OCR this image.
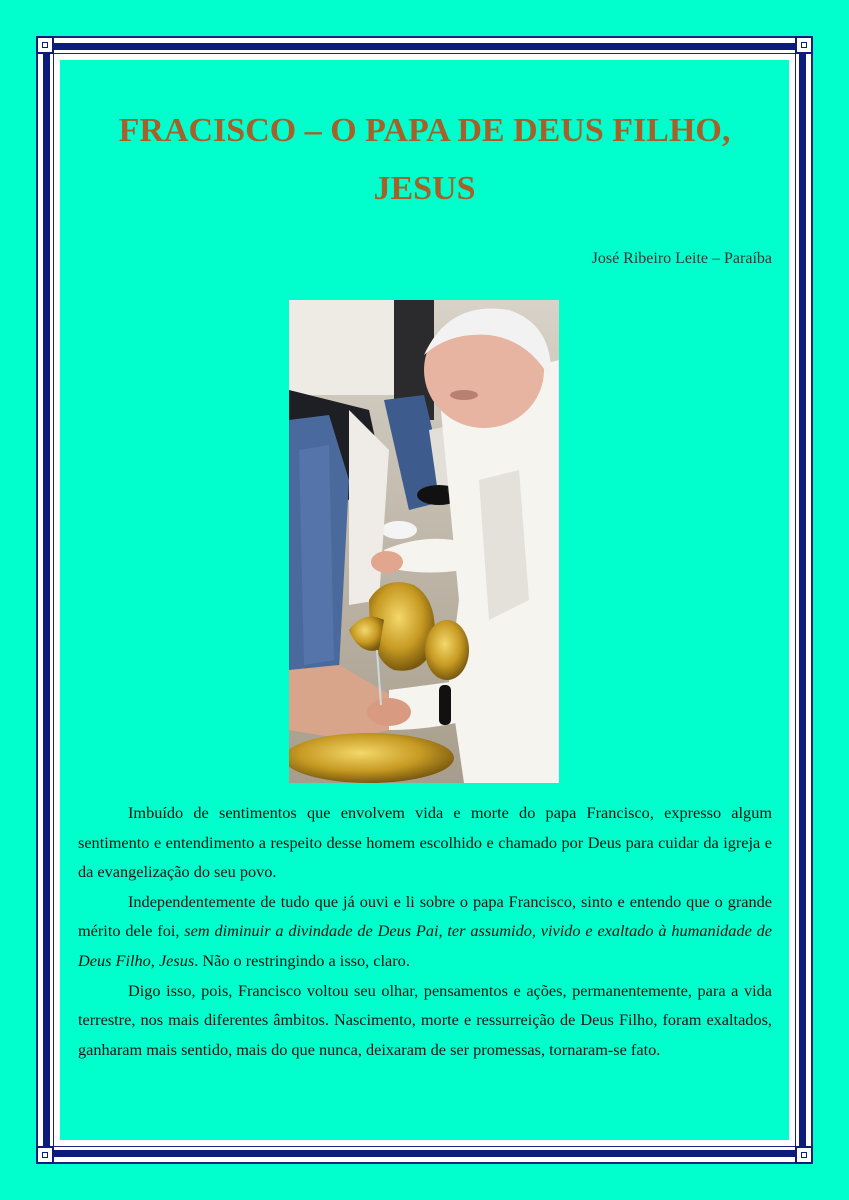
FRACISCO – O PAPA DE DEUS FILHO,
JESUS
José Ribeiro Leite – Paraíba

Imbuído de sentimentos que envolvem vida e morte do papa Francisco, expresso algum sentimento e entendimento a respeito desse homem escolhido e chamado por Deus para cuidar da igreja e da evangelização do seu povo.

Independentemente de tudo que já ouvi e li sobre o papa Francisco, sinto e entendo que o grande mérito dele foi, sem diminuir a divindade de Deus Pai, ter assumido, vivido e exaltado à humanidade de Deus Filho, Jesus. Não o restringindo a isso, claro.

Digo isso, pois, Francisco voltou seu olhar, pensamentos e ações, permanentemente, para a vida terrestre, nos mais diferentes âmbitos. Nascimento, morte e ressurreição de Deus Filho, foram exaltados, ganharam mais sentido, mais do que nunca, deixaram de ser promessas, tornaram-se fato.
